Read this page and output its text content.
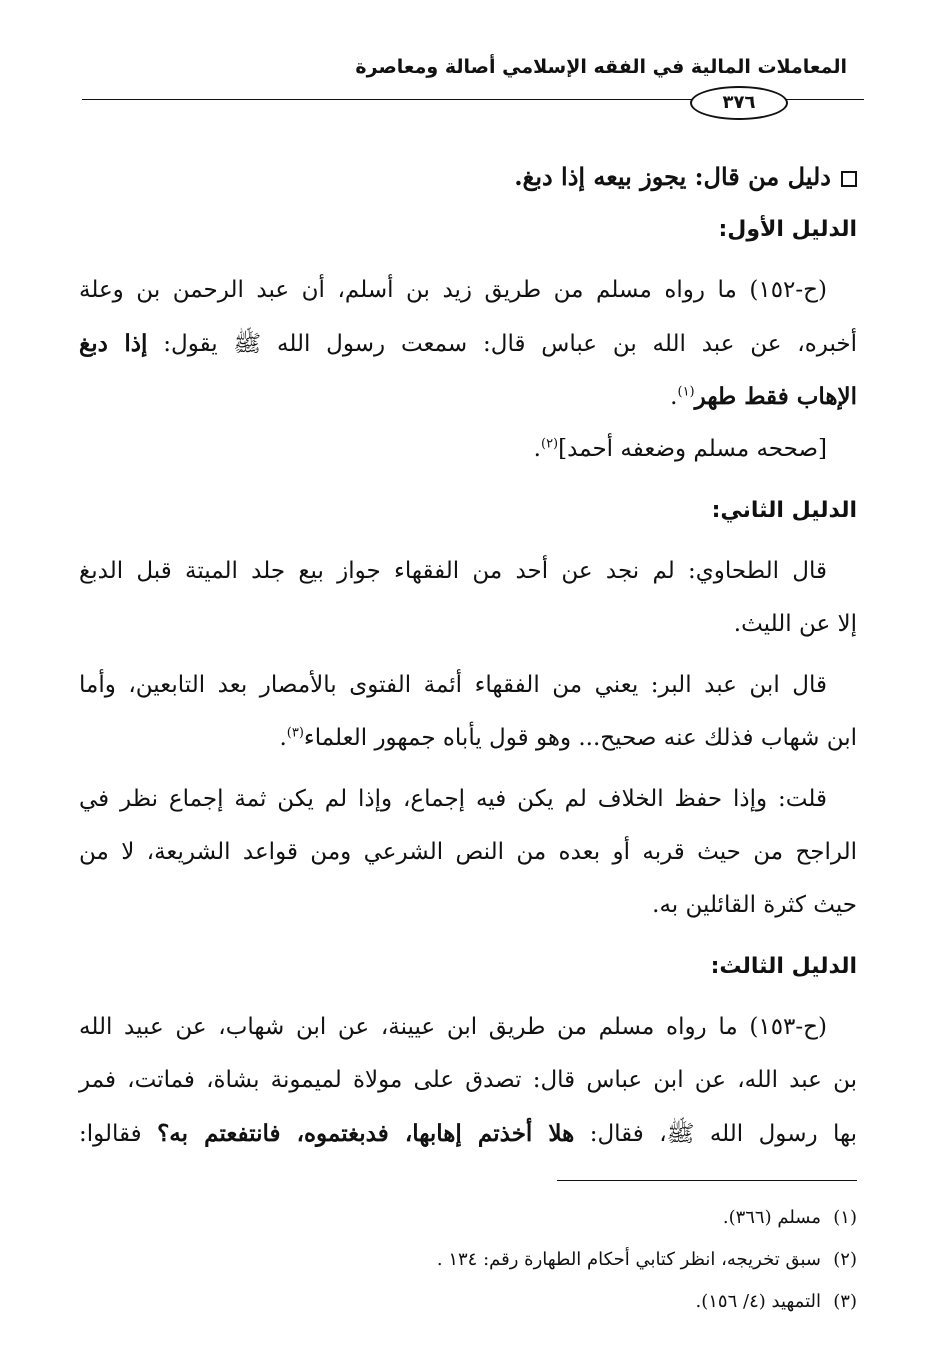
المعاملات المالية في الفقه الإسلامي أصالة ومعاصرة
٣٧٦
دليل من قال: يجوز بيعه إذا دبغ.
الدليل الأول:
(ح-١٥٢) ما رواه مسلم من طريق زيد بن أسلم، أن عبد الرحمن بن وعلة
أخبره، عن عبد الله بن عباس قال: سمعت رسول الله ﷺ يقول: إذا دبغ
الإهاب فقط طهر$^{(١)}$.
[صححه مسلم وضعفه أحمد]$^{(٢)}$.
الدليل الثاني:
قال الطحاوي: لم نجد عن أحد من الفقهاء جواز بيع جلد الميتة قبل الدبغ
إلا عن الليث.
قال ابن عبد البر: يعني من الفقهاء أئمة الفتوى بالأمصار بعد التابعين، وأما
ابن شهاب فذلك عنه صحيح... وهو قول يأباه جمهور العلماء$^{(٣)}$.
قلت: وإذا حفظ الخلاف لم يكن فيه إجماع، وإذا لم يكن ثمة إجماع نظر في
الراجح من حيث قربه أو بعده من النص الشرعي ومن قواعد الشريعة، لا من
حيث كثرة القائلين به.
الدليل الثالث:
(ح-١٥٣) ما رواه مسلم من طريق ابن عيينة، عن ابن شهاب، عن عبيد الله
بن عبد الله، عن ابن عباس قال: تصدق على مولاة لميمونة بشاة، فماتت، فمر
بها رسول الله ﷺ، فقال: هلا أخذتم إهابها، فدبغتموه، فانتفعتم به؟ فقالوا:
(١)مسلم (٣٦٦).
(٢)سبق تخريجه، انظر كتابي أحكام الطهارة رقم: ١٣٤ .
(٣)التمهيد (٤/ ١٥٦).
